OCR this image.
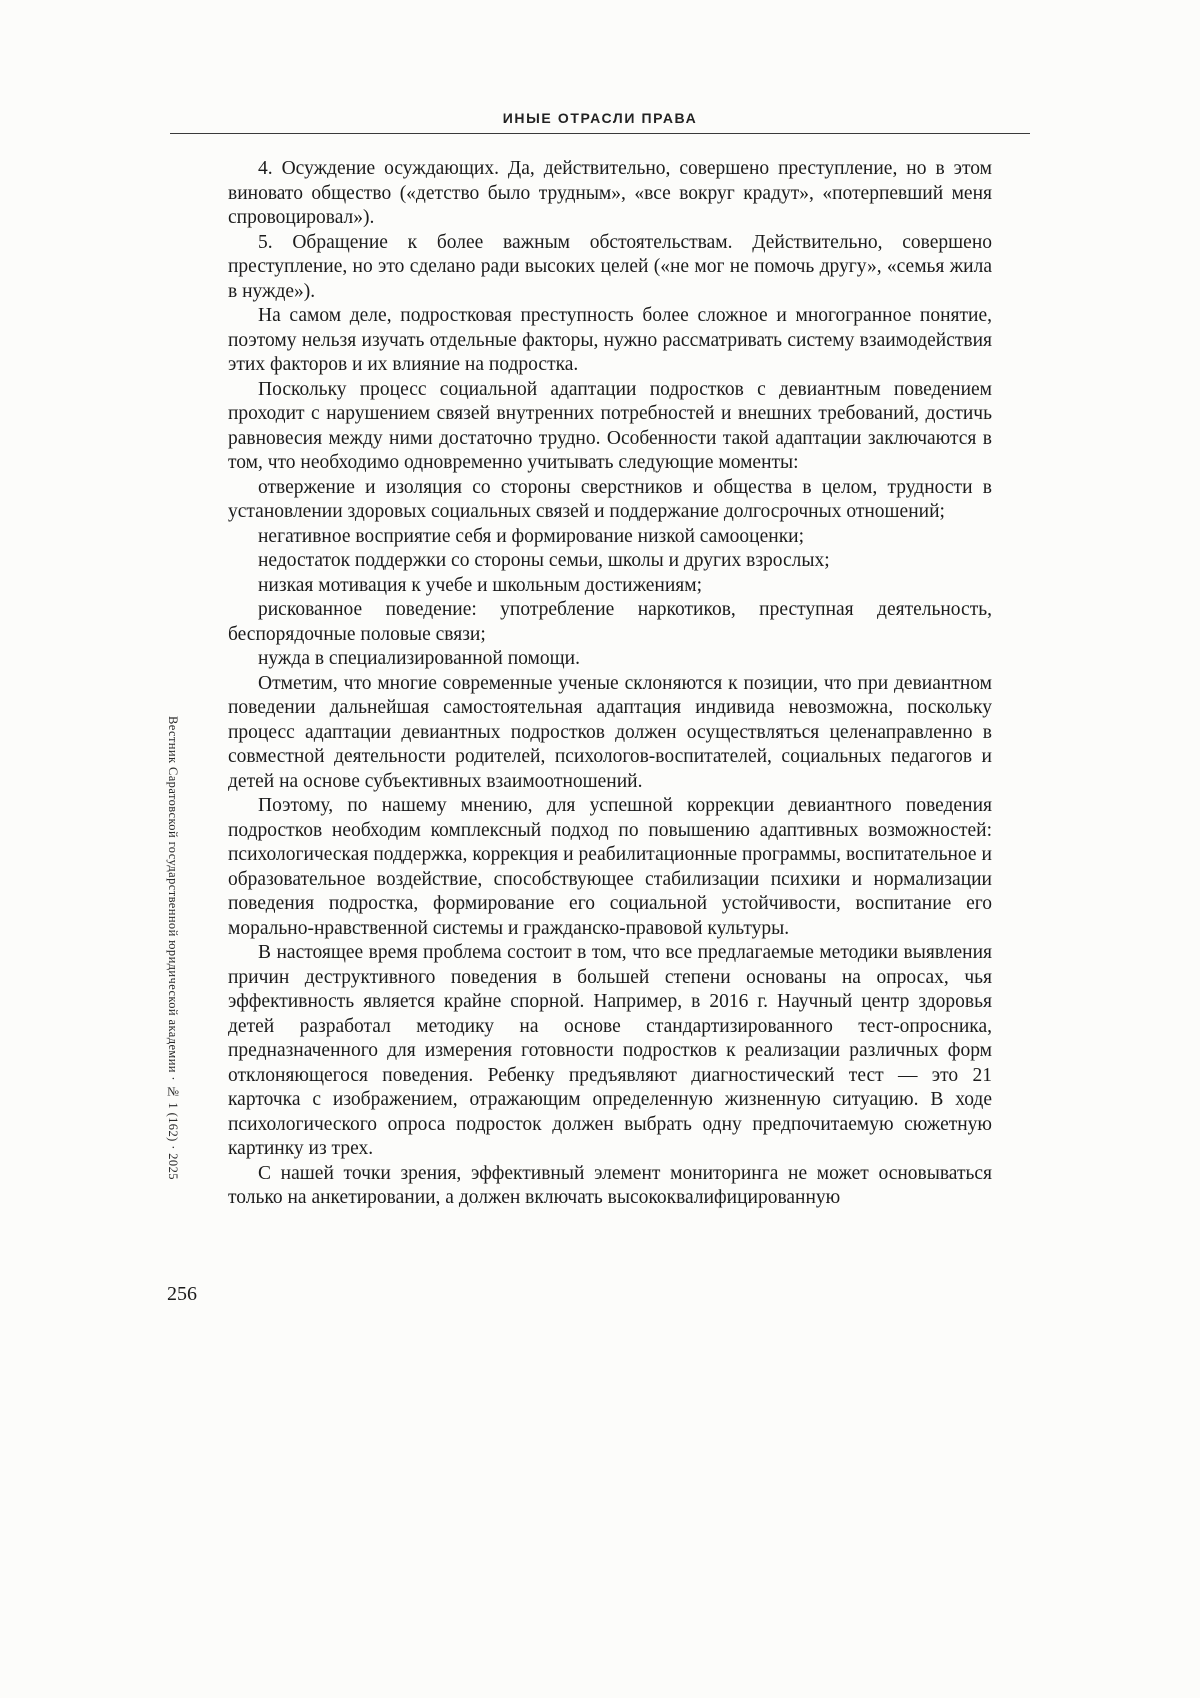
ИНЫЕ ОТРАСЛИ ПРАВА
Вестник Саратовской государственной юридической академии · № 1 (162) · 2025

4. Осуждение осуждающих. Да, действительно, совершено преступление, но в этом виновато общество («детство было трудным», «все вокруг крадут», «потерпевший меня спровоцировал»).

5. Обращение к более важным обстоятельствам. Действительно, совершено преступление, но это сделано ради высоких целей («не мог не помочь другу», «семья жила в нужде»).

На самом деле, подростковая преступность более сложное и многогранное понятие, поэтому нельзя изучать отдельные факторы, нужно рассматривать систему взаимодействия этих факторов и их влияние на подростка.

Поскольку процесс социальной адаптации подростков с девиантным поведением проходит с нарушением связей внутренних потребностей и внешних требований, достичь равновесия между ними достаточно трудно. Особенности такой адаптации заключаются в том, что необходимо одновременно учитывать следующие моменты:

отвержение и изоляция со стороны сверстников и общества в целом, трудности в установлении здоровых социальных связей и поддержание долгосрочных отношений;

негативное восприятие себя и формирование низкой самооценки;

недостаток поддержки со стороны семьи, школы и других взрослых;

низкая мотивация к учебе и школьным достижениям;

рискованное поведение: употребление наркотиков, преступная деятельность, беспорядочные половые связи;

нужда в специализированной помощи.

Отметим, что многие современные ученые склоняются к позиции, что при девиантном поведении дальнейшая самостоятельная адаптация индивида невозможна, поскольку процесс адаптации девиантных подростков должен осуществляться целенаправленно в совместной деятельности родителей, психологов-воспитателей, социальных педагогов и детей на основе субъективных взаимоотношений.

Поэтому, по нашему мнению, для успешной коррекции девиантного поведения подростков необходим комплексный подход по повышению адаптивных возможностей: психологическая поддержка, коррекция и реабилитационные программы, воспитательное и образовательное воздействие, способствующее стабилизации психики и нормализации поведения подростка, формирование его социальной устойчивости, воспитание его морально-нравственной системы и гражданско-правовой культуры.

В настоящее время проблема состоит в том, что все предлагаемые методики выявления причин деструктивного поведения в большей степени основаны на опросах, чья эффективность является крайне спорной. Например, в 2016 г. Научный центр здоровья детей разработал методику на основе стандартизированного тест-опросника, предназначенного для измерения готовности подростков к реализации различных форм отклоняющегося поведения. Ребенку предъявляют диагностический тест — это 21 карточка с изображением, отражающим определенную жизненную ситуацию. В ходе психологического опроса подросток должен выбрать одну предпочитаемую сюжетную картинку из трех.

С нашей точки зрения, эффективный элемент мониторинга не может основываться только на анкетировании, а должен включать высококвалифицированную

256
